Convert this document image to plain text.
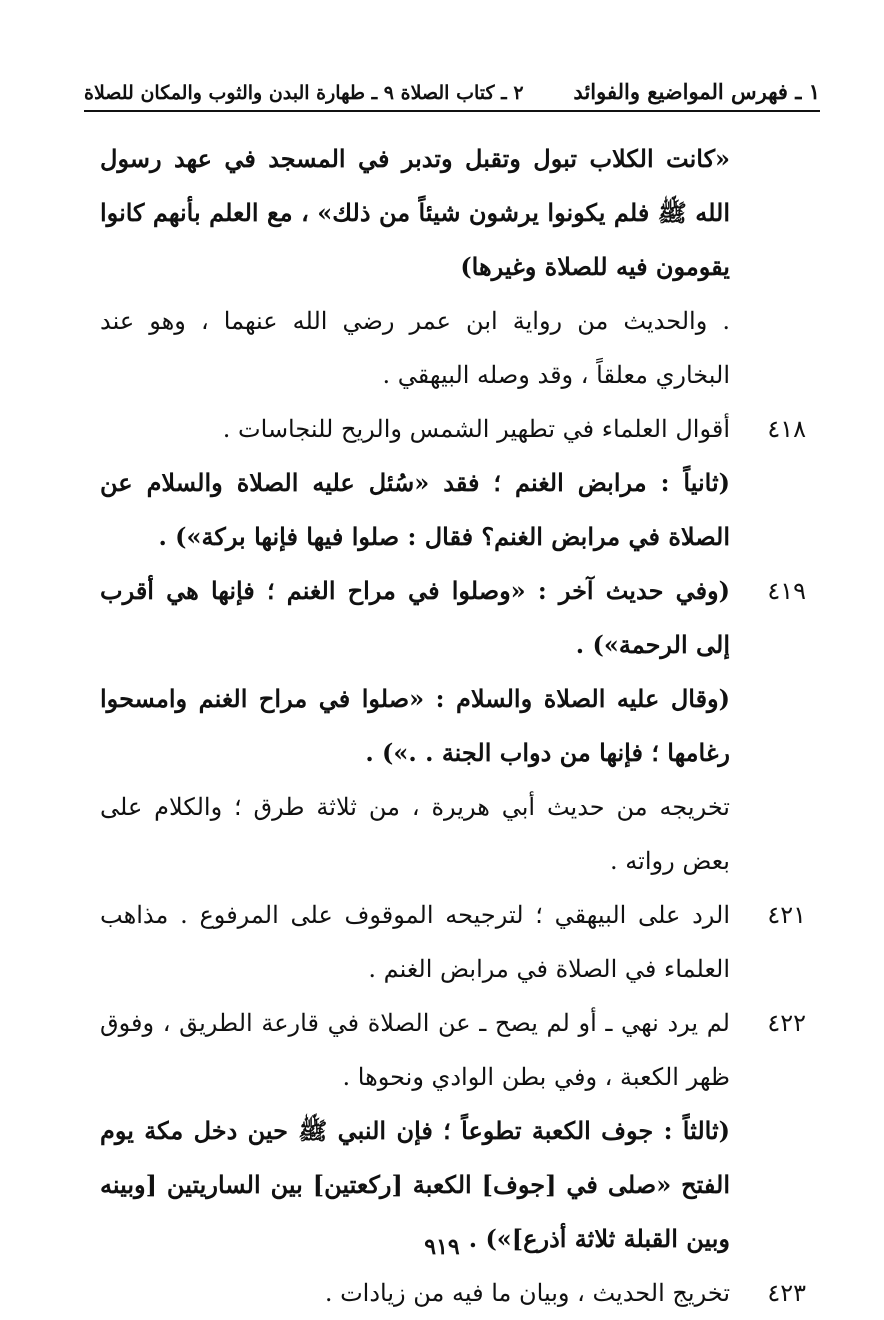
١ ـ فهرس المواضيع والفوائد
٢ ـ كتاب الصلاة ٩ ـ طهارة البدن والثوب والمكان للصلاة

«كانت الكلاب تبول وتقبل وتدبر في المسجد في عهد رسول الله ﷺ فلم يكونوا يرشون شيئاً من ذلك» ، مع العلم بأنهم كانوا يقومون فيه للصلاة وغيرها)

. والحديث من رواية ابن عمر رضي الله عنهما ، وهو عند البخاري معلقاً ، وقد وصله البيهقي .

٤١٨

أقوال العلماء في تطهير الشمس والريح للنجاسات .

(ثانياً : مرابض الغنم ؛ فقد «سُئل عليه الصلاة والسلام عن الصلاة في مرابض الغنم؟ فقال : صلوا فيها فإنها بركة») .

٤١٩

(وفي حديث آخر : «وصلوا في مراح الغنم ؛ فإنها هي أقرب إلى الرحمة») .

(وقال عليه الصلاة والسلام : «صلوا في مراح الغنم وامسحوا رغامها ؛ فإنها من دواب الجنة . .») .

تخريجه من حديث أبي هريرة ، من ثلاثة طرق ؛ والكلام على بعض رواته .

٤٢١

الرد على البيهقي ؛ لترجيحه الموقوف على المرفوع . مذاهب العلماء في الصلاة في مرابض الغنم .

٤٢٢

لم يرد نهي ـ أو لم يصح ـ عن الصلاة في قارعة الطريق ، وفوق ظهر الكعبة ، وفي بطن الوادي ونحوها .

(ثالثاً : جوف الكعبة تطوعاً ؛ فإن النبي ﷺ حين دخل مكة يوم الفتح «صلى في [جوف] الكعبة [ركعتين] بين الساريتين [وبينه وبين القبلة ثلاثة أذرع]») .

٤٢٣

تخريج الحديث ، وبيان ما فيه من زيادات .

٩١٩
